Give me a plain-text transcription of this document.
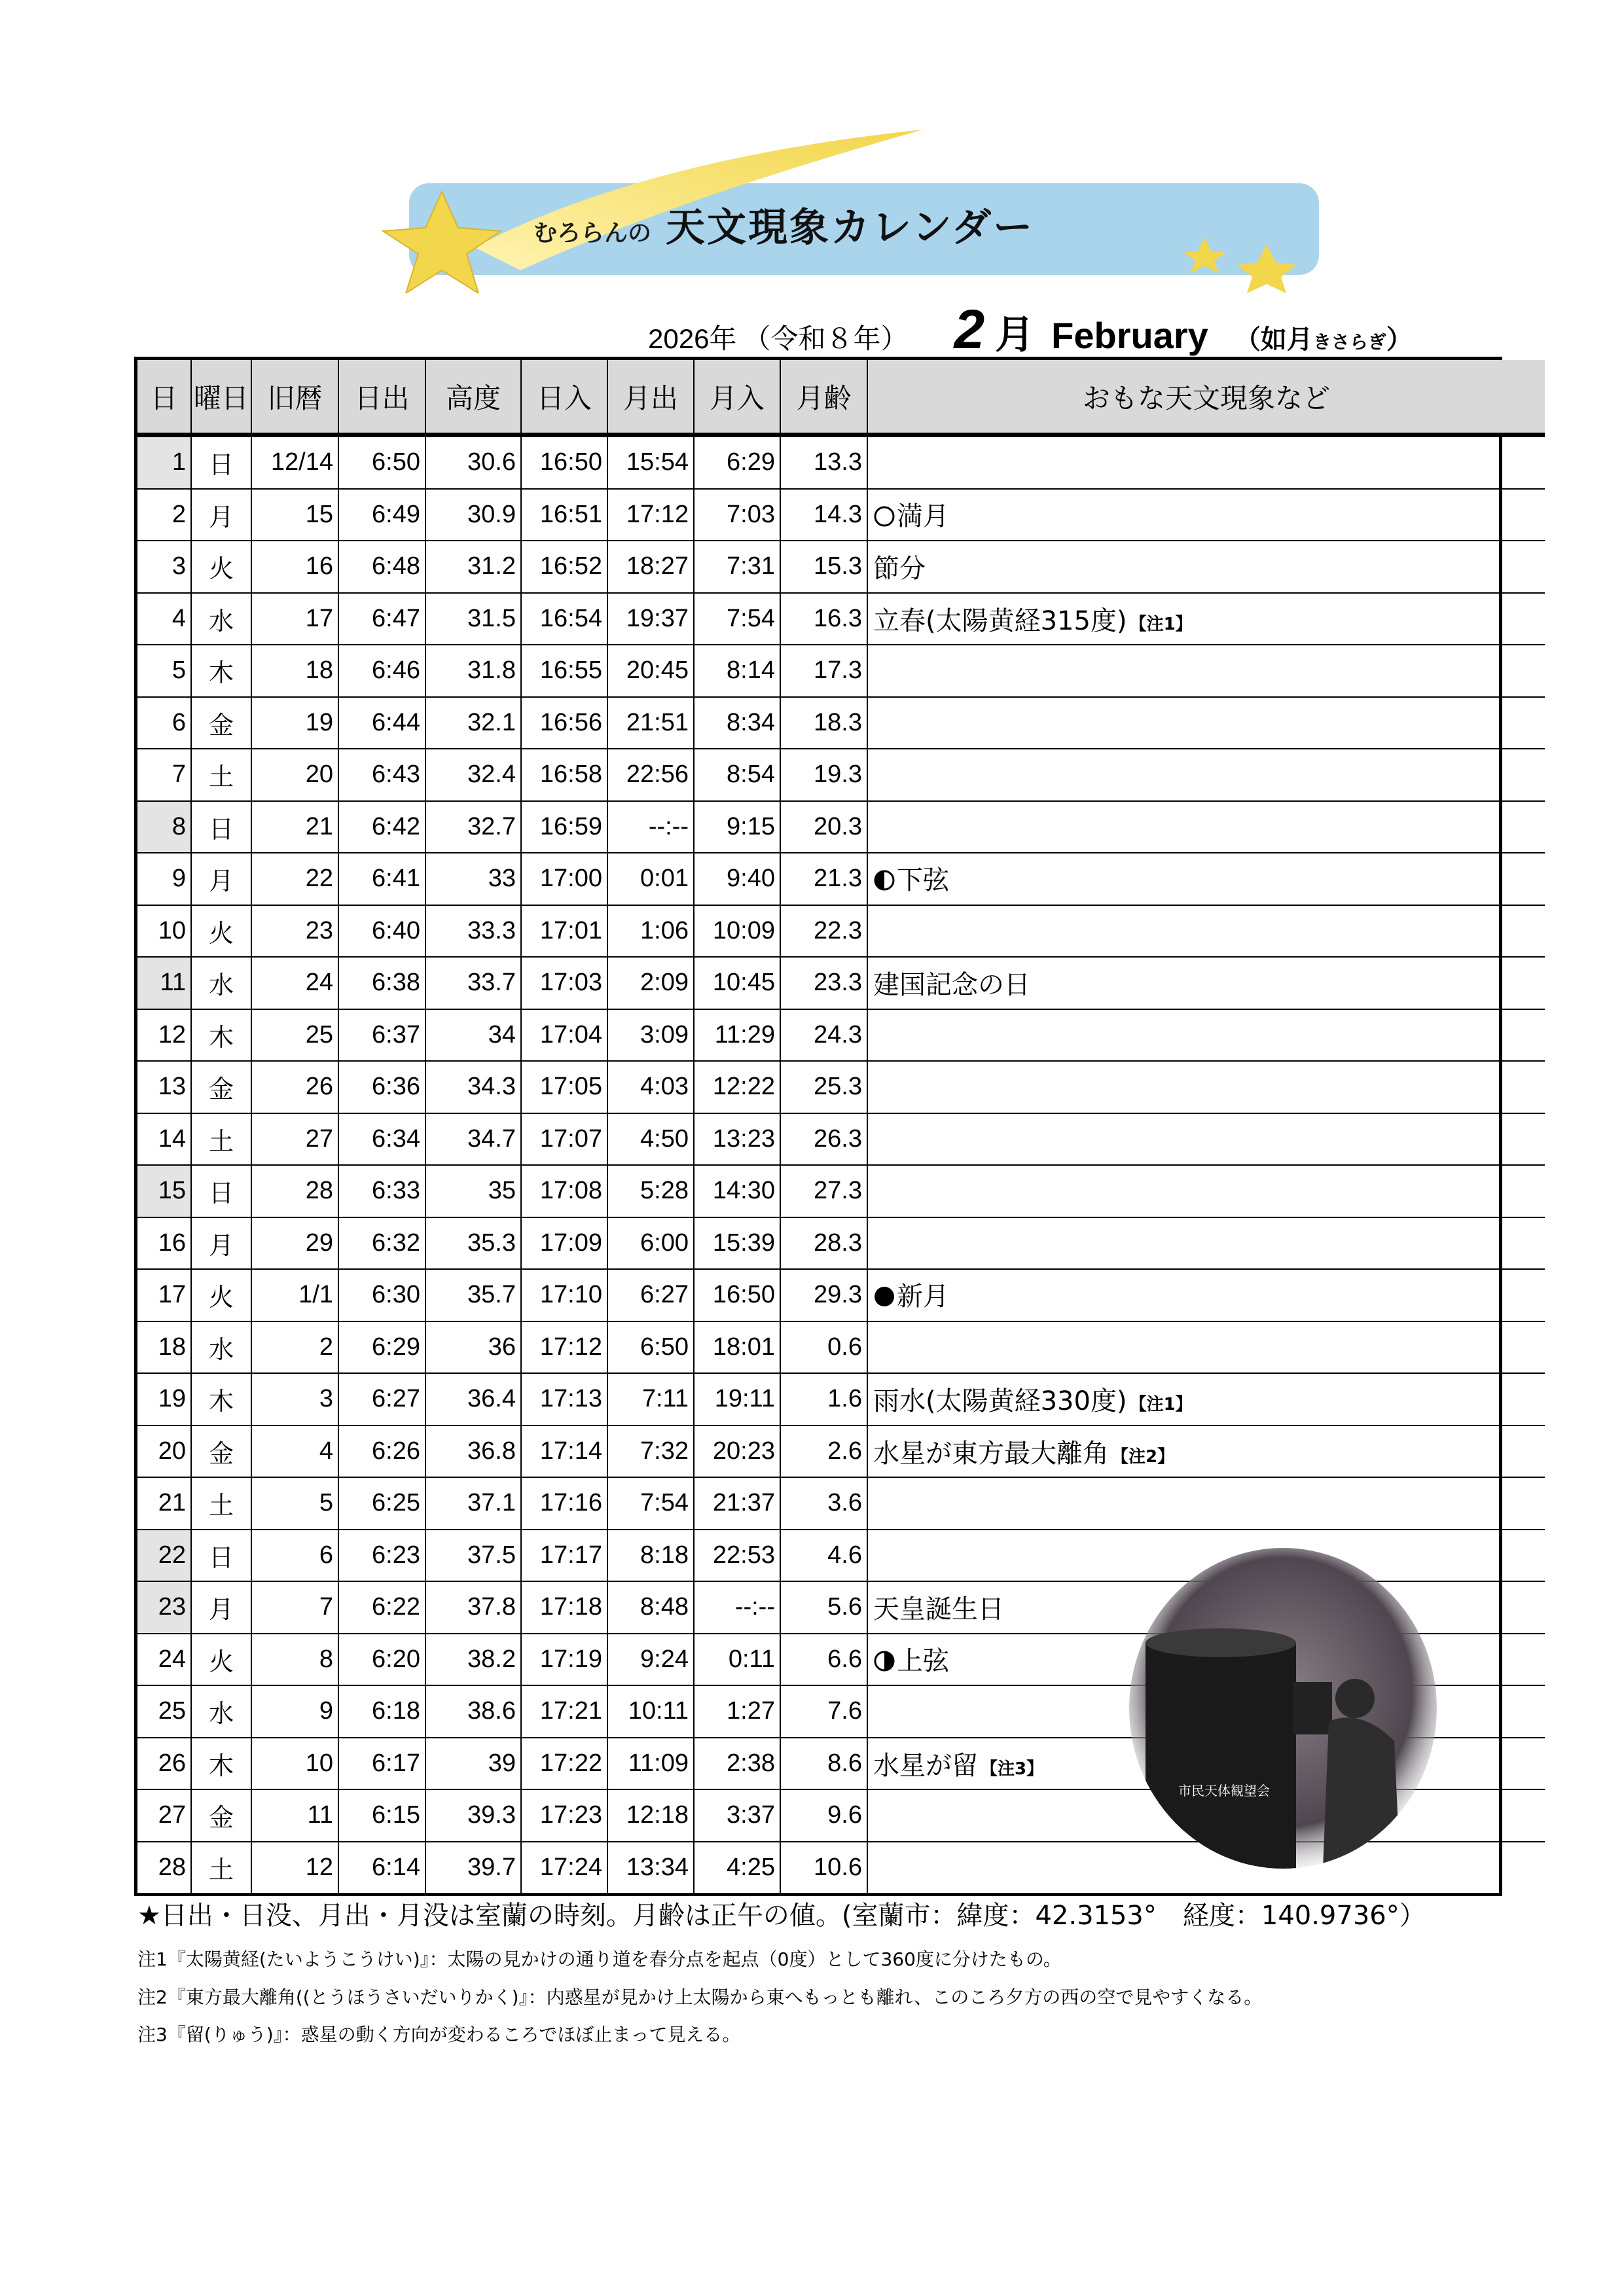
むろらんの 天文現象カレンダー
2026年 （令和８年） 2 月 February （如月 きさらぎ ）
日	曜日	旧暦	日出	高度	日入	月出	月入	月齢	おもな天文現象など
1	日	12/14	6:50	30.6	16:50	15:54	6:29	13.3	
2	月	15	6:49	30.9	16:51	17:12	7:03	14.3	満月
3	火	16	6:48	31.2	16:52	18:27	7:31	15.3	節分
4	水	17	6:47	31.5	16:54	19:37	7:54	16.3	立春(太陽黄経315度) 【注1】
5	木	18	6:46	31.8	16:55	20:45	8:14	17.3	
6	金	19	6:44	32.1	16:56	21:51	8:34	18.3	
7	土	20	6:43	32.4	16:58	22:56	8:54	19.3	
8	日	21	6:42	32.7	16:59	--:--	9:15	20.3	
9	月	22	6:41	33	17:00	0:01	9:40	21.3	下弦
10	火	23	6:40	33.3	17:01	1:06	10:09	22.3	
11	水	24	6:38	33.7	17:03	2:09	10:45	23.3	建国記念の日
12	木	25	6:37	34	17:04	3:09	11:29	24.3	
13	金	26	6:36	34.3	17:05	4:03	12:22	25.3	
14	土	27	6:34	34.7	17:07	4:50	13:23	26.3	
15	日	28	6:33	35	17:08	5:28	14:30	27.3	
16	月	29	6:32	35.3	17:09	6:00	15:39	28.3	
17	火	1/1	6:30	35.7	17:10	6:27	16:50	29.3	新月
18	水	2	6:29	36	17:12	6:50	18:01	0.6	
19	木	3	6:27	36.4	17:13	7:11	19:11	1.6	雨水(太陽黄経330度) 【注1】
20	金	4	6:26	36.8	17:14	7:32	20:23	2.6	水星が東方最大離角 【注2】
21	土	5	6:25	37.1	17:16	7:54	21:37	3.6	
22	日	6	6:23	37.5	17:17	8:18	22:53	4.6	
23	月	7	6:22	37.8	17:18	8:48	--:--	5.6	天皇誕生日
24	火	8	6:20	38.2	17:19	9:24	0:11	6.6	上弦
25	水	9	6:18	38.6	17:21	10:11	1:27	7.6	
26	木	10	6:17	39	17:22	11:09	2:38	8.6	水星が留 【注3】
27	金	11	6:15	39.3	17:23	12:18	3:37	9.6	
28	土	12	6:14	39.7	17:24	13:34	4:25	10.6	
市民天体観望会
★日出・日没、月出・月没は室蘭の時刻。月齢は正午の値。(室蘭市：緯度：42.3153°　経度：140.9736°）
注1『太陽黄経(たいようこうけい)』：太陽の見かけの通り道を春分点を起点（0度）として360度に分けたもの。
注2『東方最大離角((とうほうさいだいりかく)』：内惑星が見かけ上太陽から東へもっとも離れ、このころ夕方の西の空で見やすくなる。
注3『留(りゅう)』：惑星の動く方向が変わるころでほぼ止まって見える。
